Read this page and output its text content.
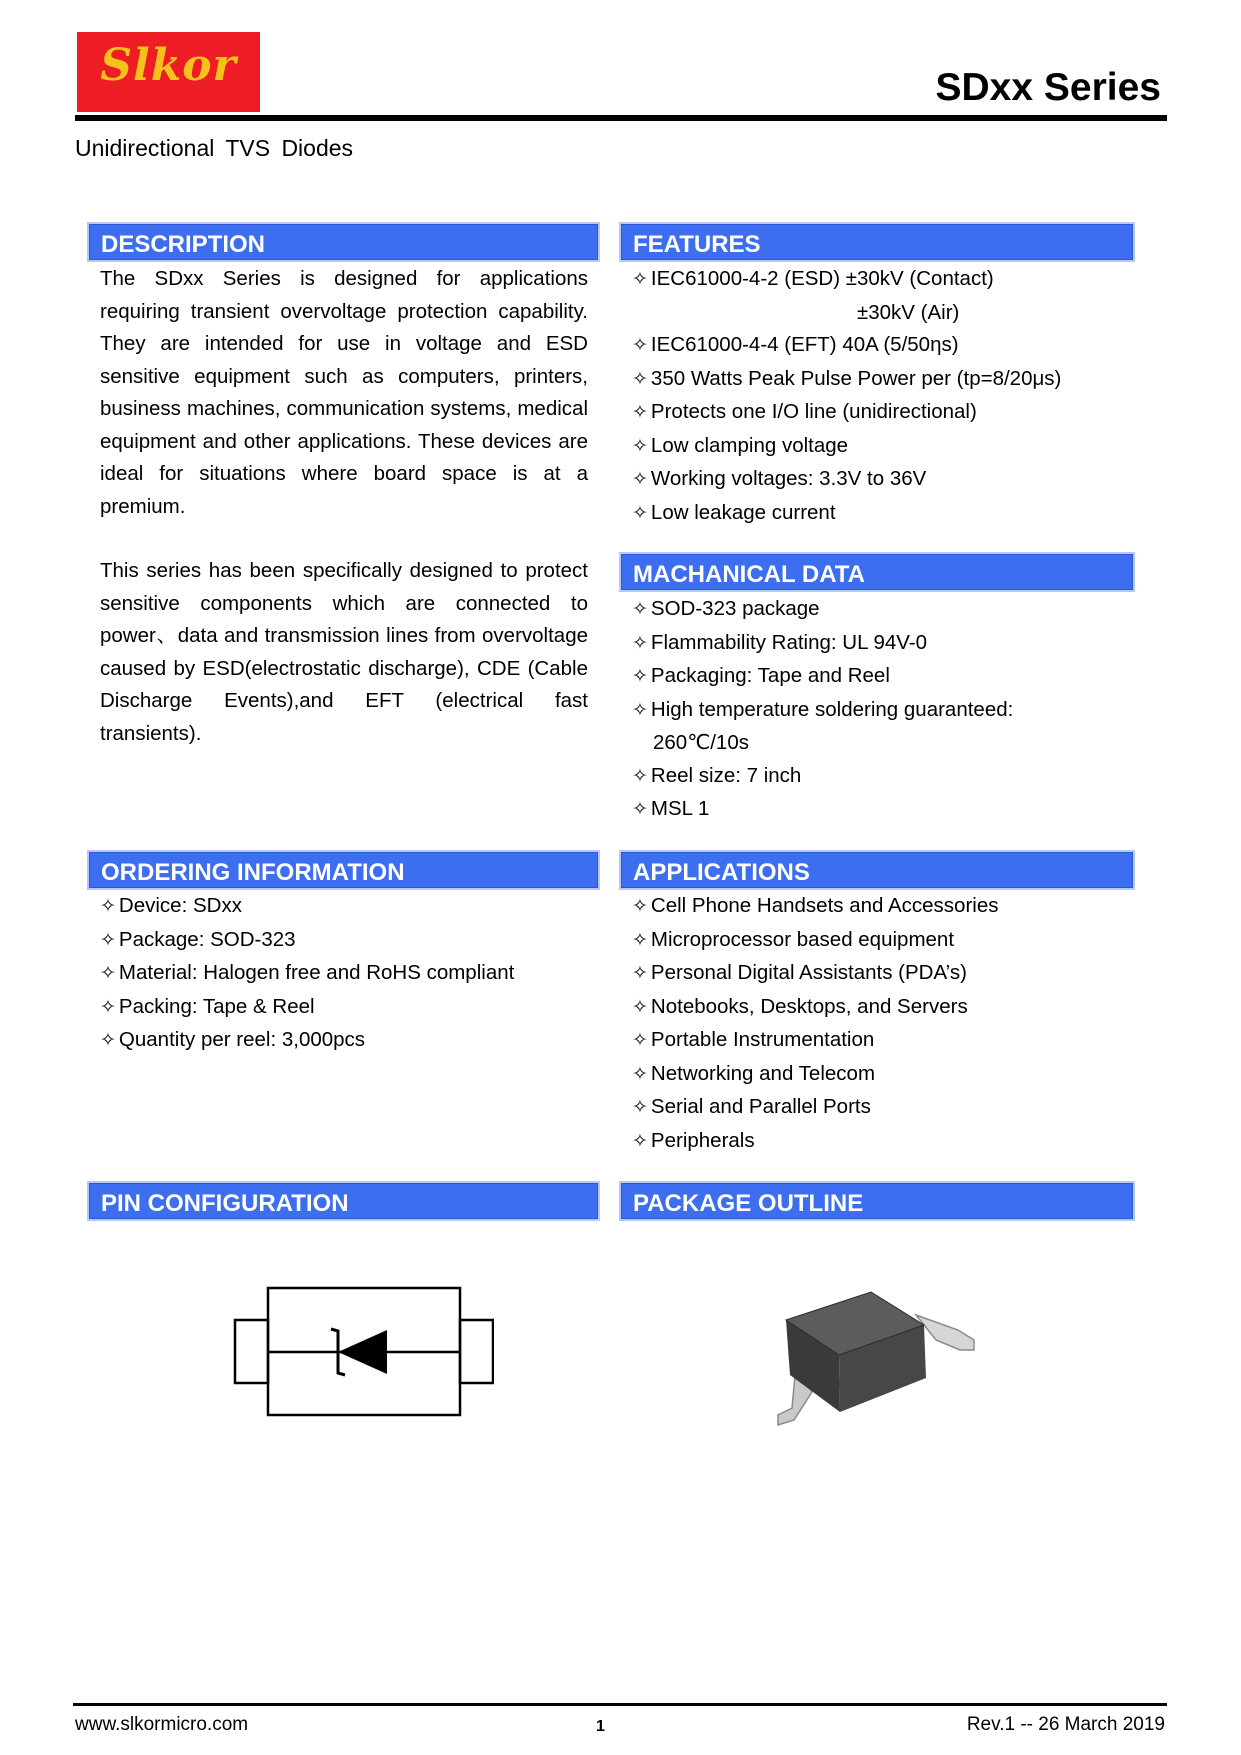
Slkor	SDxx Series
Unidirectional TVS Diodes
DESCRIPTION

The SDxx Series is designed for applications requiring transient overvoltage protection capability. They are intended for use in voltage and ESD sensitive equipment such as computers, printers, business machines, communication systems, medical equipment and other applications. These devices are ideal for situations where board space is at a premium.

This series has been specifically designed to protect sensitive components which are connected to power、data and transmission lines from overvoltage caused by ESD(electrostatic discharge), CDE (Cable Discharge Events),and EFT (electrical fast transients).

FEATURES
✧ IEC61000-4-2 (ESD) ±30kV (Contact)
±30kV (Air)
✧ IEC61000-4-4 (EFT) 40A (5/50ηs)
✧ 350 Watts Peak Pulse Power per (tp=8/20μs)
✧ Protects one I/O line (unidirectional)
✧ Low clamping voltage
✧ Working voltages: 3.3V to 36V
✧ Low leakage current
MACHANICAL DATA
✧ SOD-323 package
✧ Flammability Rating: UL 94V-0
✧ Packaging: Tape and Reel
✧ High temperature soldering guaranteed:
260℃/10s
✧ Reel size: 7 inch
✧ MSL 1
ORDERING INFORMATION
✧ Device: SDxx
✧ Package: SOD-323
✧ Material: Halogen free and RoHS compliant
✧ Packing: Tape & Reel
✧ Quantity per reel: 3,000pcs
APPLICATIONS
✧ Cell Phone Handsets and Accessories
✧ Microprocessor based equipment
✧ Personal Digital Assistants (PDA’s)
✧ Notebooks, Desktops, and Servers
✧ Portable Instrumentation
✧ Networking and Telecom
✧ Serial and Parallel Ports
✧ Peripherals
PIN CONFIGURATION	PACKAGE OUTLINE
www.slkormicro.com	1	Rev.1 -- 26 March 2019
